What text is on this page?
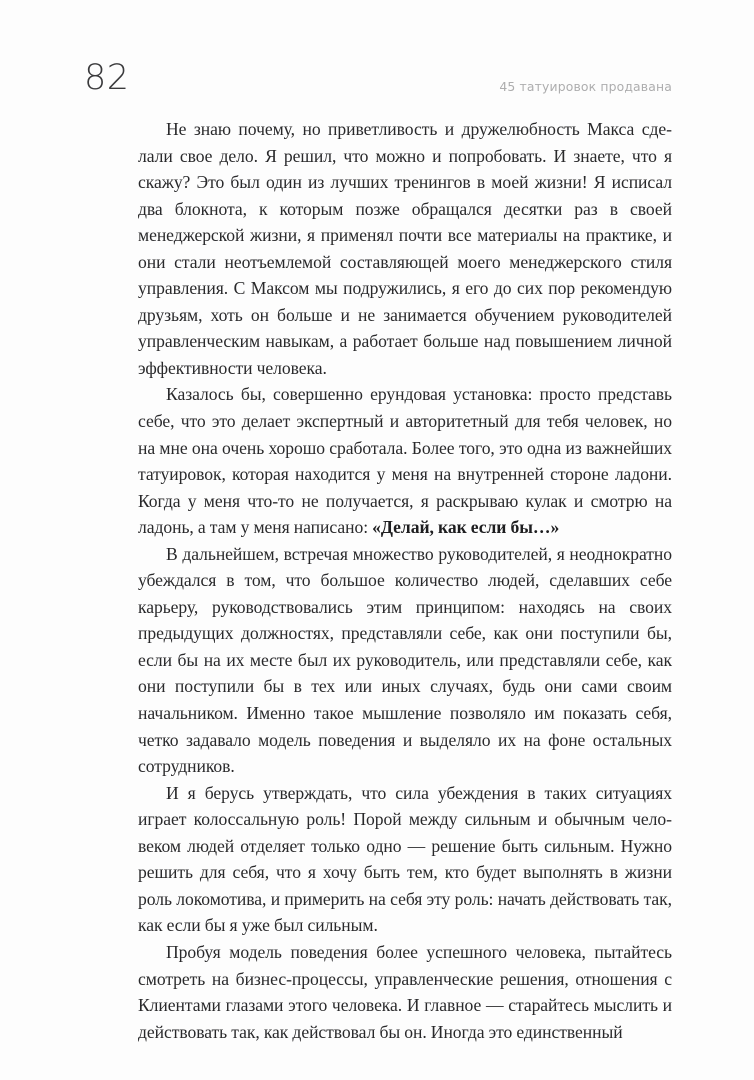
82	45 татуировок продавана

Не знаю почему, но приветливость и дружелюбность Макса сделали свое дело. Я решил, что можно и попробовать. И знаете, что я скажу? Это был один из лучших тренингов в моей жизни! Я исписал два блокнота, к которым позже обращался десятки раз в своей менеджерской жизни, я применял почти все материалы на практике, и они стали неотъемлемой составляющей моего менеджерского стиля управления. С Максом мы подружились, я его до сих пор рекомендую друзьям, хоть он больше и не занимается обучением руководителей управленческим навыкам, а работает больше над повышением личной эффективности человека.

Казалось бы, совершенно ерундовая установка: просто представь себе, что это делает экспертный и авторитетный для тебя человек, но на мне она очень хорошо сработала. Более того, это одна из важнейших татуировок, которая находится у меня на внутренней стороне ладони. Когда у меня что-то не получается, я раскрываю кулак и смотрю на ладонь, а там у меня написано: «Делай, как если бы…»

В дальнейшем, встречая множество руководителей, я неоднократно убеждался в том, что большое количество людей, сделавших себе карьеру, руководствовались этим принципом: находясь на своих предыдущих должностях, представляли себе, как они поступили бы, если бы на их месте был их руководитель, или представляли себе, как они поступили бы в тех или иных случаях, будь они сами своим начальником. Именно такое мышление позволяло им показать себя, четко задавало модель поведения и выделяло их на фоне остальных сотрудников.

И я берусь утверждать, что сила убеждения в таких ситуациях играет колоссальную роль! Порой между сильным и обычным человеком людей отделяет только одно — решение быть сильным. Нужно решить для себя, что я хочу быть тем, кто будет выполнять в жизни роль локомотива, и примерить на себя эту роль: начать действовать так, как если бы я уже был сильным.

Пробуя модель поведения более успешного человека, пытайтесь смотреть на бизнес-процессы, управленческие решения, отношения с Клиентами глазами этого человека. И главное — старайтесь мыслить и действовать так, как действовал бы он. Иногда это единственный
